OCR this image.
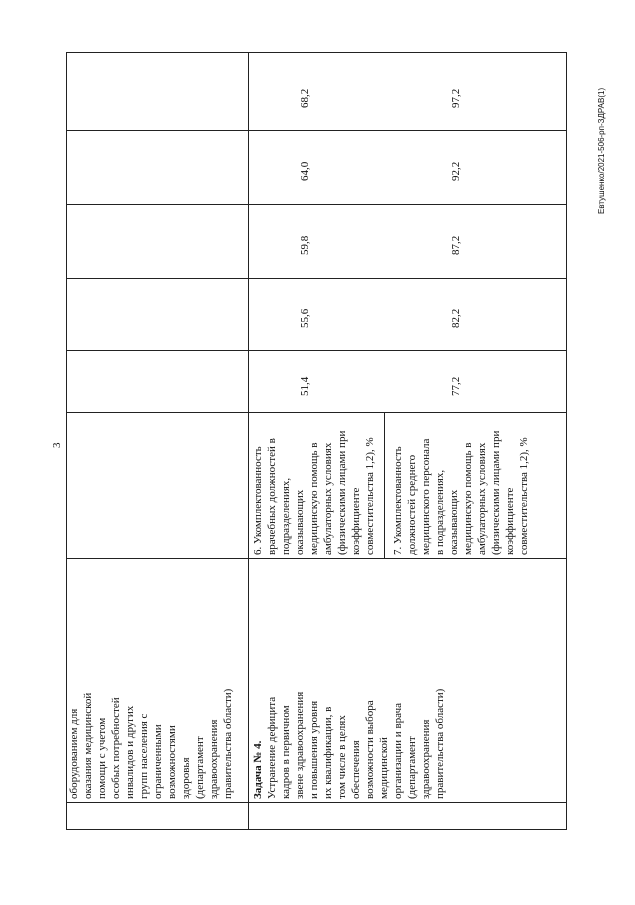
3
Евтушенко/2021-506-рп-ЗДРАВ(1)
оборудованием для оказания медицинской помощи с учетом особых потребностей инвалидов и других групп населения с ограниченными возможностями здоровья (департамент здравоохранения правительства области) Задача № 4. Устранение дефицита кадров в первичном звене здравоохранения и повышения уровня их квалификации, в том числе в целях обеспечения возможности выбора медицинской организации и врача (департамент здравоохранения правительства области)
6. Укомплектованность врачебных должностей в подразделениях, оказывающих медицинскую помощь в амбулаторных условиях (физическими лицами при коэффициенте совместительства 1,2), %
51,4
55,6
59,8
64,0
68,2
7. Укомплектованность должностей среднего медицинского персонала в подразделениях, оказывающих медицинскую помощь в амбулаторных условиях (физическими лицами при коэффициенте совместительства 1,2), %
77,2
82,2
87,2
92,2
97,2
